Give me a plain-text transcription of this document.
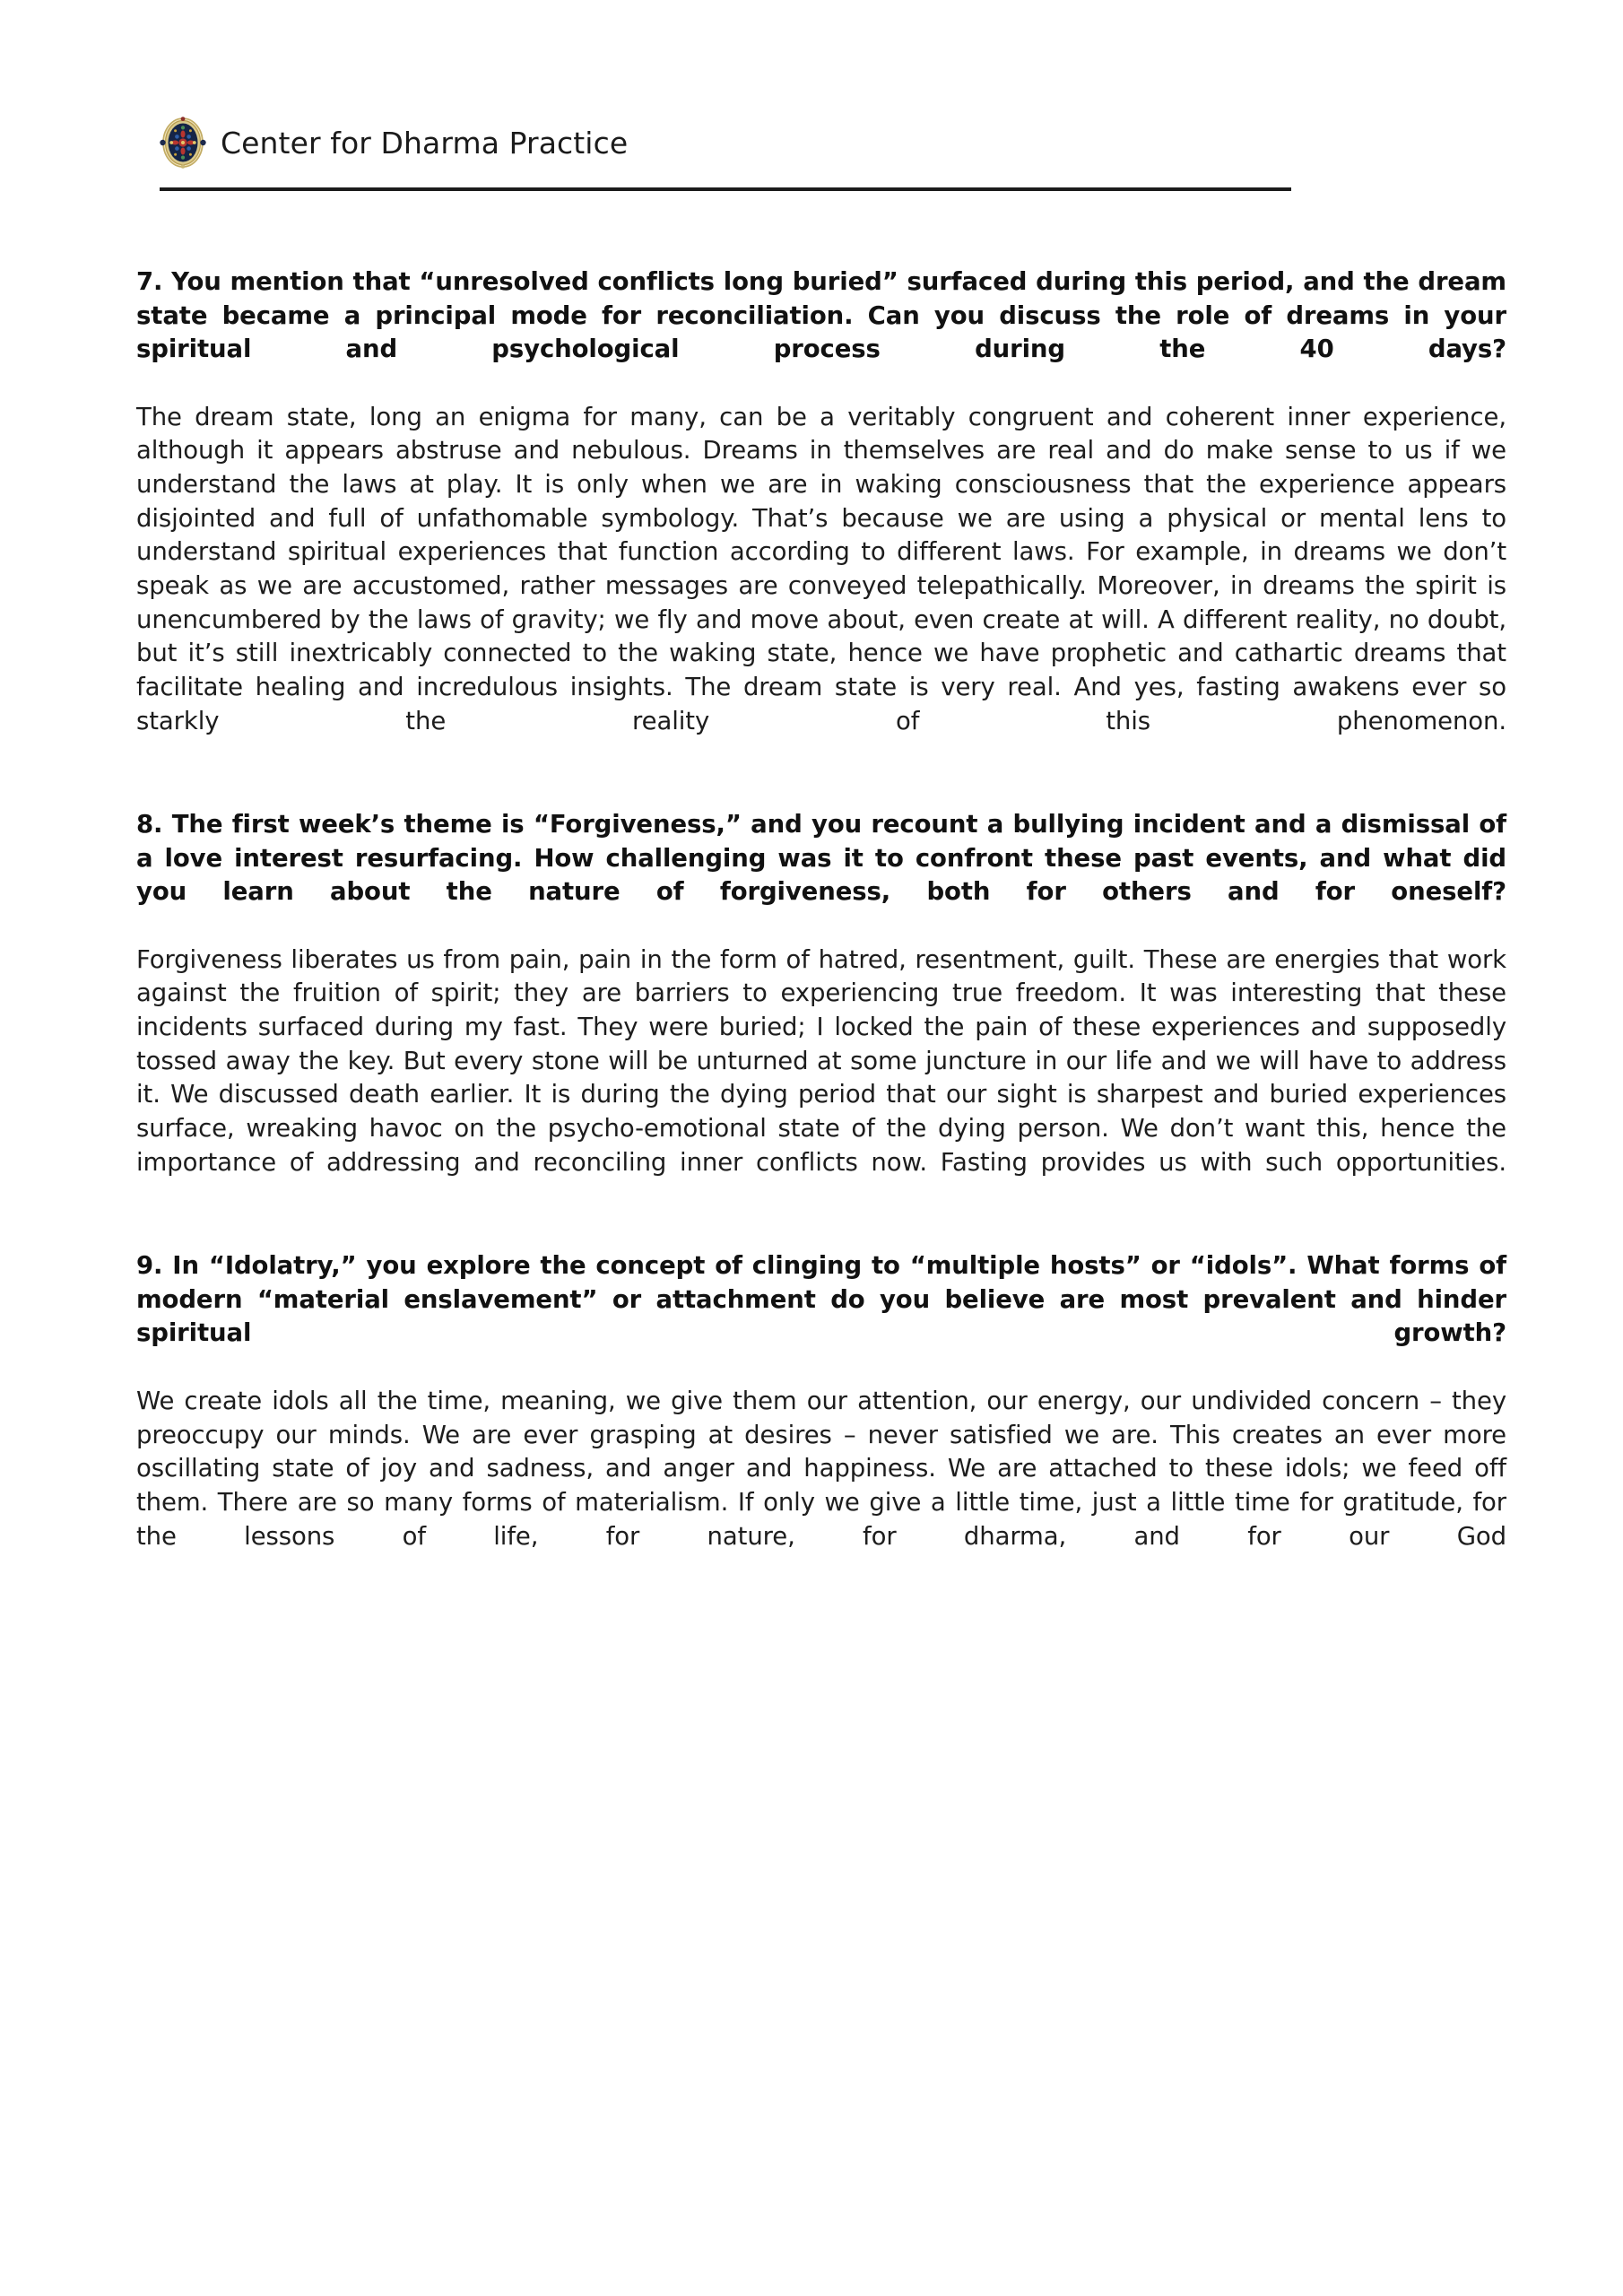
Center for Dharma Practice

7. You mention that “unresolved conflicts long buried” surfaced during this period, and the dream state became a principal mode for reconciliation. Can you discuss the role of dreams in your spiritual and psychological process during the 40 days?

The dream state, long an enigma for many, can be a veritably congruent and coherent inner experience, although it appears abstruse and nebulous. Dreams in themselves are real and do make sense to us if we understand the laws at play. It is only when we are in waking consciousness that the experience appears disjointed and full of unfathomable symbology. That’s because we are using a physical or mental lens to understand spiritual experiences that function according to different laws. For example, in dreams we don’t speak as we are accustomed, rather messages are conveyed telepathically. Moreover, in dreams the spirit is unencumbered by the laws of gravity; we fly and move about, even create at will. A different reality, no doubt, but it’s still inextricably connected to the waking state, hence we have prophetic and cathartic dreams that facilitate healing and incredulous insights. The dream state is very real. And yes, fasting awakens ever so starkly the reality of this phenomenon.

8. The first week’s theme is “Forgiveness,” and you recount a bullying incident and a dismissal of a love interest resurfacing. How challenging was it to confront these past events, and what did you learn about the nature of forgiveness, both for others and for oneself?

Forgiveness liberates us from pain, pain in the form of hatred, resentment, guilt. These are energies that work against the fruition of spirit; they are barriers to experiencing true freedom. It was interesting that these incidents surfaced during my fast. They were buried; I locked the pain of these experiences and supposedly tossed away the key. But every stone will be unturned at some juncture in our life and we will have to address it. We discussed death earlier. It is during the dying period that our sight is sharpest and buried experiences surface, wreaking havoc on the psycho-emotional state of the dying person. We don’t want this, hence the importance of addressing and reconciling inner conflicts now. Fasting provides us with such opportunities.

9. In “Idolatry,” you explore the concept of clinging to “multiple hosts” or “idols”. What forms of modern “material enslavement” or attachment do you believe are most prevalent and hinder spiritual growth?

We create idols all the time, meaning, we give them our attention, our energy, our undivided concern – they preoccupy our minds. We are ever grasping at desires – never satisfied we are. This creates an ever more oscillating state of joy and sadness, and anger and happiness. We are attached to these idols; we feed off them. There are so many forms of materialism. If only we give a little time, just a little time for gratitude, for the lessons of life, for nature, for dharma, and for our God
